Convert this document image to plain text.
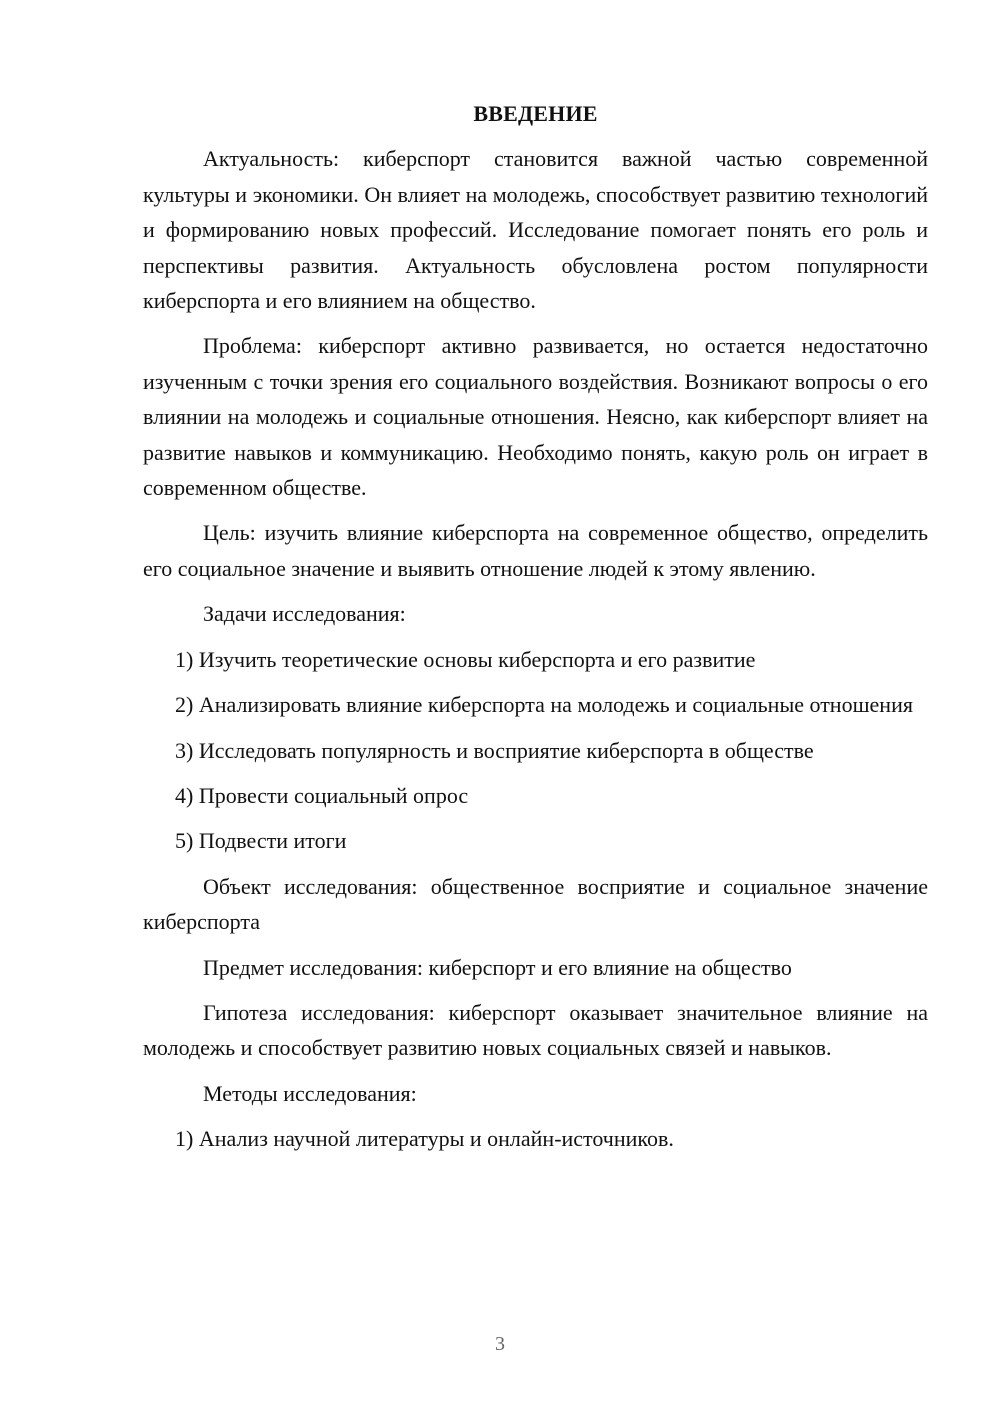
ВВЕДЕНИЕ
Актуальность: киберспорт становится важной частью современной культуры и экономики. Он влияет на молодежь, способствует развитию технологий и формированию новых профессий. Исследование помогает понять его роль и перспективы развития. Актуальность обусловлена ростом популярности киберспорта и его влиянием на общество.
Проблема: киберспорт активно развивается, но остается недостаточно изученным с точки зрения его социального воздействия. Возникают вопросы о его влиянии на молодежь и социальные отношения. Неясно, как киберспорт влияет на развитие навыков и коммуникацию. Необходимо понять, какую роль он играет в современном обществе.
Цель: изучить влияние киберспорта на современное общество, определить его социальное значение и выявить отношение людей к этому явлению.
Задачи исследования:
1) Изучить теоретические основы киберспорта и его развитие
2) Анализировать влияние киберспорта на молодежь и социальные отношения
3) Исследовать популярность и восприятие киберспорта в обществе
4) Провести социальный опрос
5) Подвести итоги
Объект исследования: общественное восприятие и социальное значение киберспорта
Предмет исследования: киберспорт и его влияние на общество
Гипотеза исследования: киберспорт оказывает значительное влияние на молодежь и способствует развитию новых социальных связей и навыков.
Методы исследования:
1) Анализ научной литературы и онлайн-источников.
3
